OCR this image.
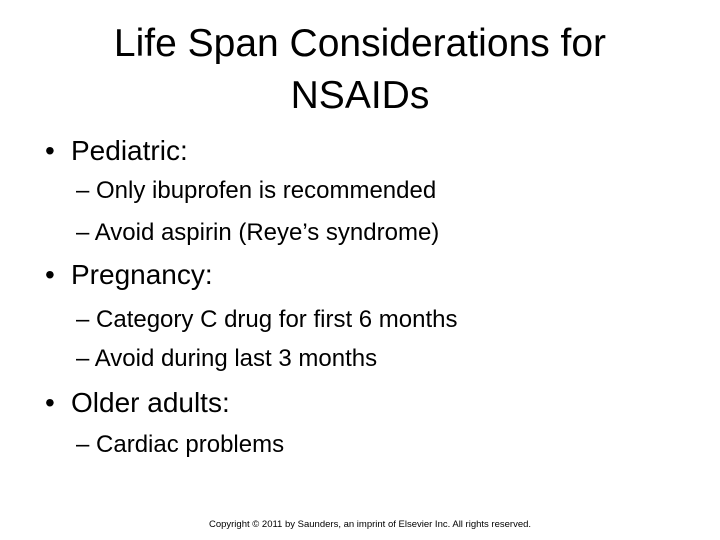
Life Span Considerations for
NSAIDs
• Pediatric:
– Only ibuprofen is recommended
– Avoid aspirin (Reye’s syndrome)
• Pregnancy:
– Category C drug for first 6 months
– Avoid during last 3 months
• Older adults:
– Cardiac problems
Copyright © 2011 by Saunders, an imprint of Elsevier Inc. All rights reserved.
